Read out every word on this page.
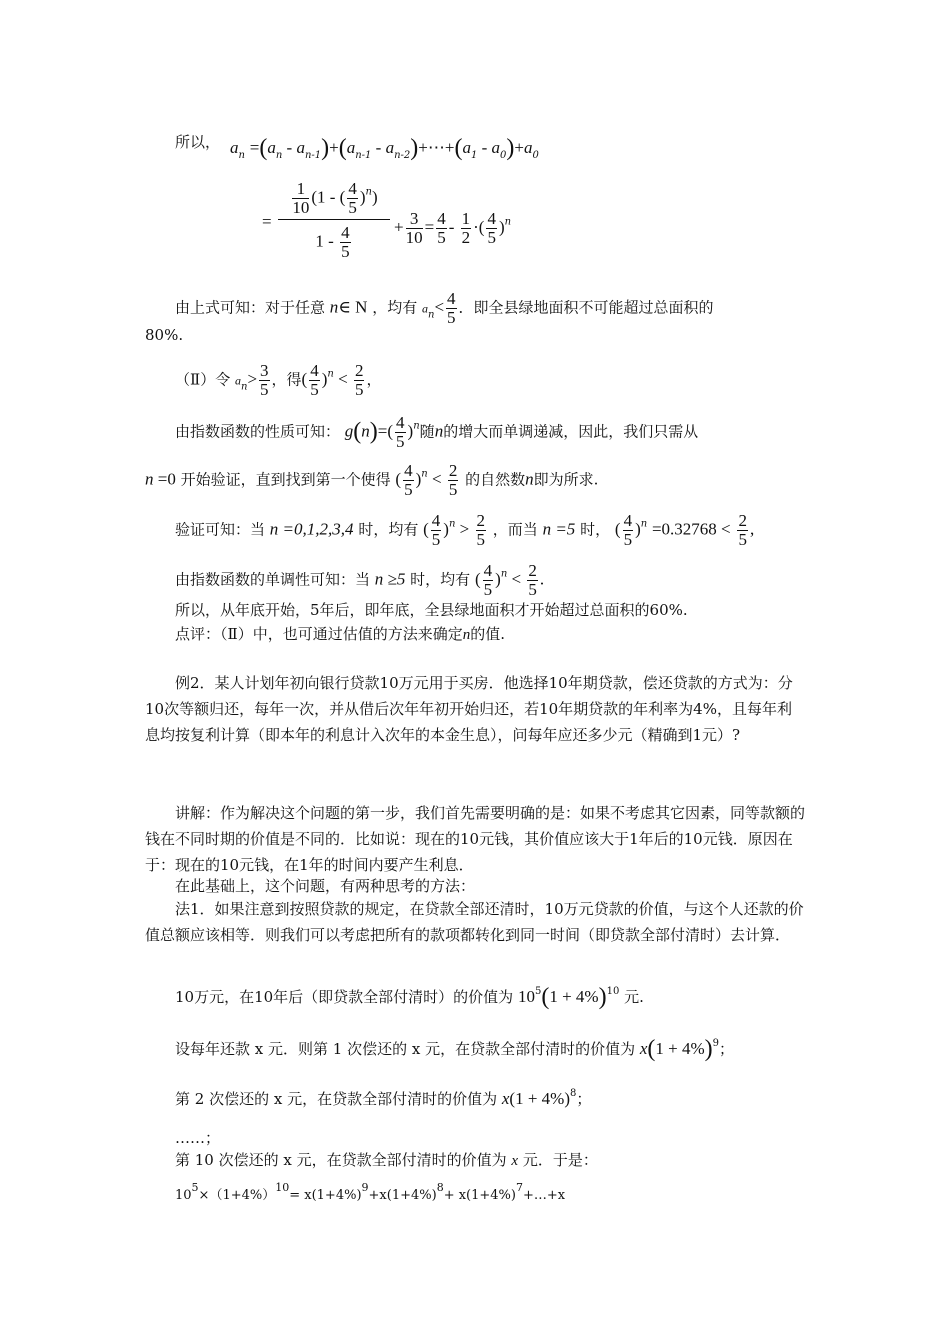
所以， $a_n =(a_n - a_{n-1})+(a_{n-1}$ - $a_{n-2})+\cdots+(a_1 - a_0)+a_0$
=
$\frac{1}{10} (1$ - ( $\frac{4}{5} )^n$)
$1 - \frac{4}{5}$	+ $\frac{3}{10} = \frac{4}{5} - \frac{1}{2}$ ·( $\frac{4}{5} )^n$
由上式可知：对于任意 n∈ N ，均有 $a_n< \frac{4}{5}$ ．即全县绿地面积不可能超过总面积的
80%.
（Ⅱ）令 $a_n> \frac{3}{5}$ ，得( $\frac{4}{5} )^n < \frac{2}{5}$ ，
由指数函数的性质可知： $g(n)=( \frac{4}{5} )^n$随n的增大而单调递减，因此，我们只需从
n =0 开始验证，直到找到第一个使得 ( $\frac{4}{5} )^n < \frac{2}{5}$ 的自然数n即为所求.
验证可知：当 n =0,1,2,3,4 时，均有 ( $\frac{4}{5} )^n > \frac{2}{5}$ ，而当 n =5 时， ( $\frac{4}{5} )^n =0.32768 < \frac{2}{5}$ ,
由指数函数的单调性可知：当 n ≥5 时，均有 ( $\frac{4}{5} )^n < \frac{2}{5}$ .
所以，从年底开始，5年后，即年底，全县绿地面积才开始超过总面积的60%.
点评：（Ⅱ）中，也可通过估值的方法来确定n的值.
例2．某人计划年初向银行贷款10万元用于买房．他选择10年期贷款，偿还贷款的方式为：分10次等额归还，每年一次，并从借后次年年初开始归还，若10年期贷款的年利率为4%，且每年利息均按复利计算（即本年的利息计入次年的本金生息），问每年应还多少元（精确到1元）?
讲解：作为解决这个问题的第一步，我们首先需要明确的是：如果不考虑其它因素，同等款额的钱在不同时期的价值是不同的．比如说：现在的10元钱，其价值应该大于1年后的10元钱．原因在于：现在的10元钱，在1年的时间内要产生利息．
在此基础上，这个问题，有两种思考的方法：
法1．如果注意到按照贷款的规定，在贷款全部还清时，10万元贷款的价值，与这个人还款的价值总额应该相等．则我们可以考虑把所有的款项都转化到同一时间（即贷款全部付清时）去计算．
10万元，在10年后（即贷款全部付清时）的价值为 $10^5(1 + 4\%)^{10}$ 元.
设每年还款 x 元．则第 1 次偿还的 x 元，在贷款全部付清时的价值为 $x(1 + 4\%)^9$；
第 2 次偿还的 x 元，在贷款全部付清时的价值为 $x(1 + 4\%)^8$；
……；
第 10 次偿还的 x 元，在贷款全部付清时的价值为 x 元．于是：
$10^5\times(1+4\%)^{10}= x(1+4\%)^9+x(1+4\%)^8+$ $x(1+4\%)^7+\dots+x$
